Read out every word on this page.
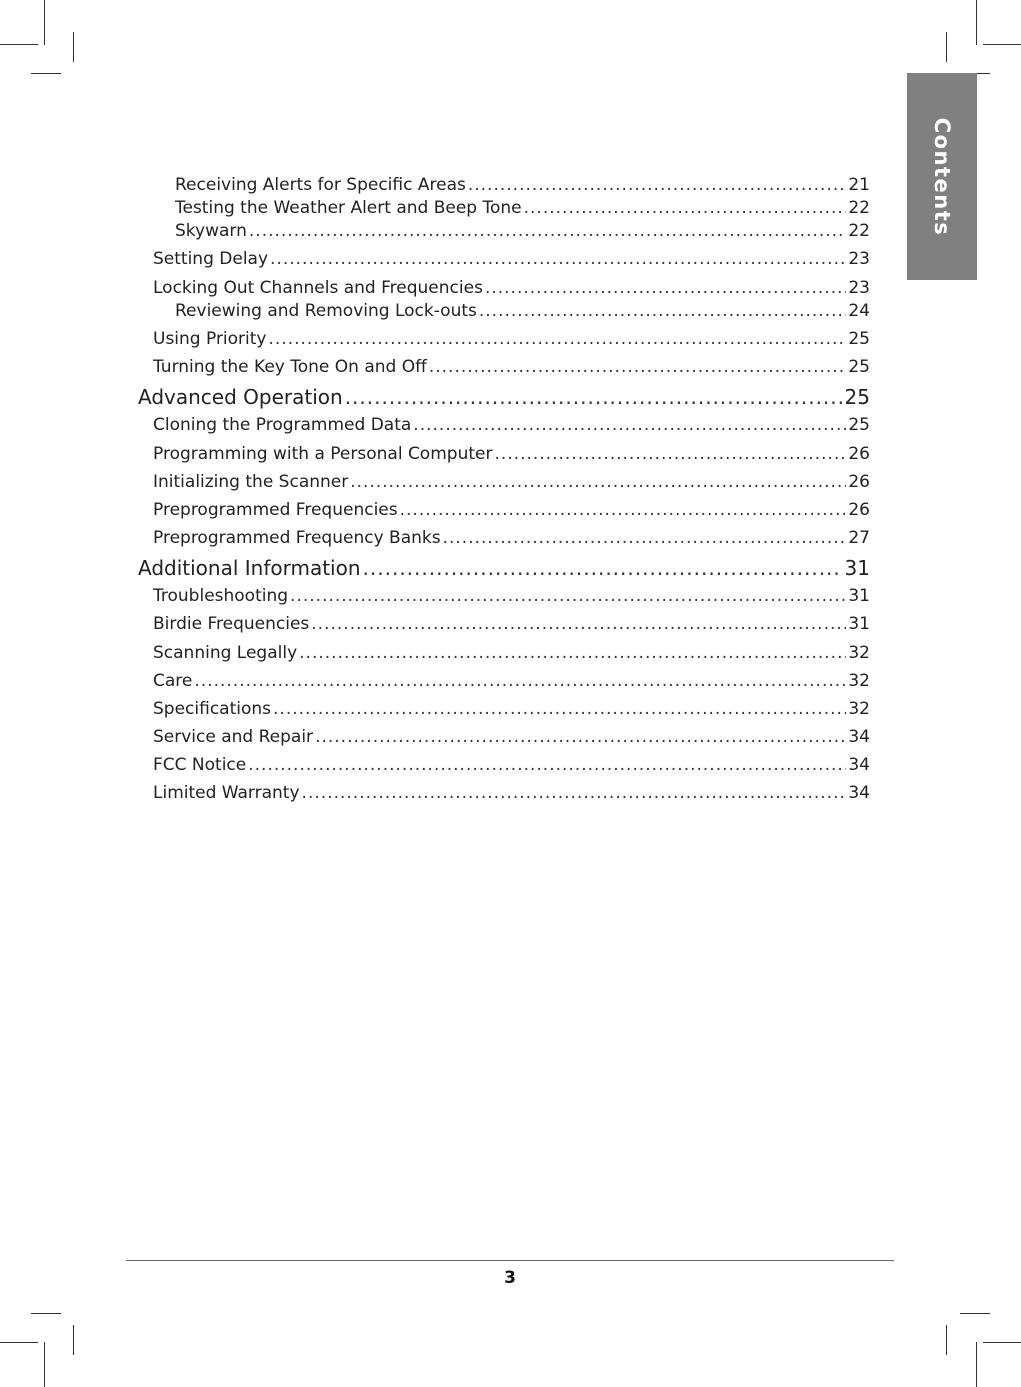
Contents
Receiving Alerts for Specific Areas .....	21
Testing the Weather Alert and Beep Tone .....	22
Skywarn .....	22
Setting Delay .....	23
Locking Out Channels and Frequencies .....	23
Reviewing and Removing Lock-outs .....	24
Using Priority .....	25
Turning the Key Tone On and Off .....	25
Advanced Operation .....	25
Cloning the Programmed Data .....	25
Programming with a Personal Computer .....	26
Initializing the Scanner .....	26
Preprogrammed Frequencies .....	26
Preprogrammed Frequency Banks .....	27
Additional Information .....	31
Troubleshooting .....	31
Birdie Frequencies .....	31
Scanning Legally .....	32
Care .....	32
Specifications .....	32
Service and Repair .....	34
FCC Notice .....	34
Limited Warranty .....	34
3
